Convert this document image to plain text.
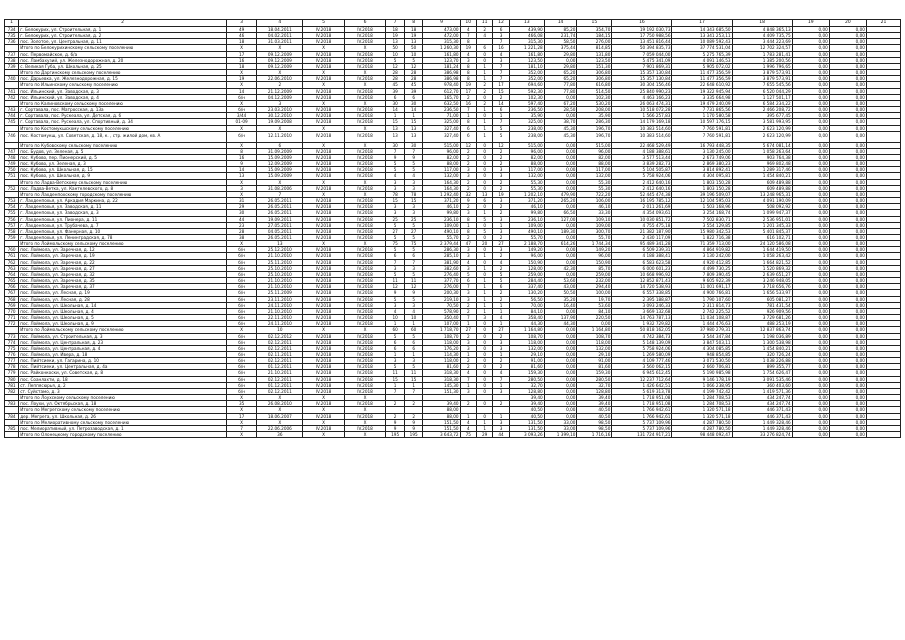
1	2	3	4	5	6	7	8	9	10	11	12	13	14	15	16	17	18	19	20	21
734	г. Белокурих, ул. Строительная, д. 1	49	18.04.2011	IV.2018	IV.2018	18	18	473,00	4	2	6	439,90	85,20	354,70	19 192 030,73	14 343 685,50	4 848 365,13	0,00	0,00	
735	г. Белокурих, ул. Строительная, д. 2	46	04.02.2011	IV.2018	IV.2018	19	19	472,00	7	4	3	466,08	231,74	184,15	17 750 988,56	13 341 253,11	4 409 735,75	0,00	0,00	
736	пос. Золотое, ул. Центральная, д. 11	18	31.03.2011	IV.2018	IV.2018	13	13	315,30	8		7	315,30	58,50	276,00	13 451 816,44	10 089 592,43	3 444 223,69	0,00	0,00	
	Итого по Белокурихинскому сельскому поселению	X	X	X	X	50	50	1 260,30	19	6	16	1 221,28	375,44	814,85	50 394 835,73	37 774 531,04	12 702 324,57	0,00	0,00	
737	пос. Первомайское, д. 6/а	17	09.12.2009	IV.2018	IV.2018	10	10	161,80	4	0	4	161,80	29,80	131,80	7 059 044,00	5 275 765,39	1 783 281,41	0,00	0,00	
738	пос. Ламбахузий, ул. Железнодорожная, д. 20	16	09.12.2009	IV.2018	IV.2018	5	5	123,70	3	0	3	123,50	0,00	123,50	5 475 341,09	4 091 146,53	1 385 200,56	0,00	0,00	
739	с. Великая Губа, ул. Школьная, д. 25	18	09.12.2009	IV.2018	IV.2018	12	12	181,24	8	1	7	181,10	29,80	151,30	7 901 869,31	5 905 072,02	1 996 796,65	0,00	0,00	
	Итого по Даргинскому сельскому поселению	X	X	X	X	28	28	386,98	8	1	7	352,00	65,20	306,80	15 357 130,84	11 477 356,59	3 879 573,91	0,00	0,00	
740	пос. Дарьевка, ул. Железнодорожная, д. 15	19	22.06.2010	IV.2018	IV.2018	28	28	386,98	8	1	7	352,00	65,20	306,80	15 357 130,84	11 477 356,59	3 879 573,91	0,00	0,00	
	Итого по Ильинскому сельскому поселению	X	2	X	X	45	45	978,40	19	2	17	694,60	77,80	616,80	30 304 156,46	22 648 610,92	7 655 545,56	0,00	0,00	
741	пос. Ильинский, ул. Заводская, д. 3	14	21.12.2009	IV.2018	IV.2018	39	39	612,70	17	2	15	592,30	77,80	514,50	25 840 990,23	19 322 945,94	6 520 044,29	0,00	0,00	
742	пос. Ильинский, ул. Заводская, д. 4	б/н	04.12.2009	IV.2018	IV.2018	6	6	165,70	2	0	2	102,30	0,00	102,30	4 463 166,23	3 335 664,98	1 127 501,17	0,00	0,00	
	Итого по Калиновскому сельскому поселению	X	3	X	X	30	30	632,50	16	2	14	597,40	67,20	530,20	26 063 474,31	19 479 240,09	6 584 234,22	0,00	0,00	
743	г. Сортавала, пос. Матросская, д. 13а	б/н	23.03.2010	IV.2018	IV.2018	14	14	236,50	7	1	6	236,50	28,50	208,00	10 518 072,28	7 731 865,56	2 466 208,72	0,00	0,00	
744	г. Сортавала, пос. Рускеала, ул. Детская, д. 6	3/44	30.12.2010	IV.2018	IV.2018	1	1	71,00	1	0	1	35,90	0,00	35,90	1 566 257,83	1 170 580,58	395 677,45	0,00	0,00	
745	г. Сортавала, пос. Рускеала, ул. Спортивный, д. 34	01-09	19.09.2008	IV.2018	IV.2018	15	15	325,00	8	1	7	325,00	38,70	286,30	14 179 169,18	10 597 176,15	3 581 993,95	0,00	0,00	
	Итого по Костомукшскому сельскому поселению	X	X	X	X	13	13	327,40	6	1	5	238,00	45,30	196,70	10 383 514,60	7 760 591,81	2 623 120,99	0,00	0,00	
746	пос. Костомукш, ул. Советская, д. 18, к. , стр. жилой дом, кв. А	б/н	12.11.2010	IV.2018	IV.2018	13	13	327,40	6	1	5	238,00	45,30	196,70	10 383 514,60	7 760 591,81	2 623 120,99	0,00	0,00	
	Итого по Кубовскому сельскому поселению	X	6	X	X	30	30	515,00	12	0	12	515,00	0,00	515,00	22 468 529,49	16 793 448,35	5 674 081,14	0,00	0,00	
747	пос. Будов, ул. Зеленая, д. 5	8	31.09.2009	IV.2018	IV.2018	7	7	96,00	2	0	2	96,00	0,00	96,00	4 188 388,61	3 130 245,00	1 058 263,64	0,00	0,00	
748	пос. Кубово, пер. Пионерский, д. 5	16	15.09.2009	IV.2018	IV.2018	9	9	82,00	2	0	2	82,00	0,00	82,00	3 577 513,44	2 673 749,06	903 764,38	0,00	0,00	
749	пос. Кубово, ул. Зеленая, д. 3	9	12.09.2009	IV.2018	IV.2018	5	5	88,00	2	0	2	88,00	0,00	88,00	3 839 282,73	2 869 380,23	969 802,48	0,00	0,00	
750	пос. Кубово, ул. Школьная, д. 15	14	15.09.2009	IV.2018	IV.2018	5	5	117,00	3	0	3	117,00	0,00	117,00	5 104 505,87	3 814 892,41	1 289 317,46	0,00	0,00	
751	пос. Кубово, ул. Школьная, д. 9	13	15.09.2009	IV.2018	IV.2018	4	4	132,00	3	0	3	132,00	0,00	132,00	5 758 924,06	4 304 095,81	1 454 840,21	0,00	0,00	
	Итого по Ладва-Ветскому сельскому поселению	X	X	X	X	3	3	164,30	2	0	2	55,30	0,00	55,30	2 412 640,16	1 803 150,28	609 489,88	0,00	0,00	
752	пос. Ладва-Ветка, ул. Кантелевского, д. 8	3	31.08.2006	IV.2018	IV.2018	3	3	164,30	2	0	2	55,30	0,00	55,30	2 412 640,16	1 803 150,28	609 489,88	0,00	0,00	
	Итого по Лахденпохскому городскому поселению	X	7	X	X	78	78	1 292,40	32	13	19	1 202,10	479,90	722,20	52 445 474,38	39 196 509,07	13 248 965,31	0,00	0,00	
753	г. Лахденпохья, ул. Аркадия Маркина, д. 22	31	26.05.2011	IV.2018	IV.2018	15	15	371,20	9	6	3	371,20	265,20	106,00	16 195 785,12	12 104 595,03	4 091 190,09	0,00	0,00	
754	г. Лахденпохья, ул. Заводская, д. 11	29	26.05.2011	IV.2018	IV.2018	3	3	46,10	2	0	2	46,10	0,00	46,10	2 011 261,69	1 503 168,96	508 092,92	0,00	0,00	
755	г. Лахденпохья, ул. Заводская, д. 3	30	26.05.2011	IV.2018	IV.2018	3	3	99,80	3	1	2	99,80	66,50	33,30	4 354 093,61	3 254 168,74	1 099 947,37	0,00	0,00	
756	г. Лахденпохья, ул. Пионера, д. 11	44	19.09.2011	IV.2018	IV.2018	25	25	236,10	8	5	3	236,10	127,00	109,10	10 030 851,72	7 502 830,71	2 536 951,01	0,00	0,00	
757	г. Лахденпохья, ул. Трубачева, д. 7	23	27.05.2011	IV.2018	IV.2018	5	5	109,00	1	0	1	109,00	0,00	109,00	4 755 475,18	3 554 129,85	1 201 345,33	0,00	0,00	
758	г. Лахденпохья, ул. Фанерная, д. 10	28	04.05.2011	IV.2018	IV.2018	27	27	490,10	8	5	3	490,10	189,30	300,70	21 382 187,90	15 980 342,53	5 401 845,37	0,00	0,00	
759	г. Лахденпохья, ул. Ленинградская, д. 78	38	26.05.2011	IV.2018	IV.2018	5	5	55,70	2	0	2	55,70	0,00	55,70	2 430 117,09	1 822 716,38	616 102,71	0,00	0,00	
	Итого по Лоймольскому сельскому поселению	X	13	X	X	75	75	2 379,44	47	20	27	2 188,70	614,26	1 744,34	95 489 341,28	71 359 713,00	24 120 586,08	0,00	0,00	
760	пос. Лоймола, ул. Заречная, д. 12	б/н	25.12.2010	IV.2018	IV.2018	5	5	286,30	3	0	3	149,20	0,00	149,20	6 509 239,31	4 864 919,82	1 644 419,50	0,00	0,00	
761	пос. Лоймола, ул. Заречная, д. 19	б/н	21.10.2010	IV.2018	IV.2018	6	6	285,10	3	1	2	96,00	0,00	96,00	4 188 388,41	3 130 242,00	1 058 263,42	0,00	0,00	
762	пос. Лоймола, ул. Заречная, д. 22	б/н	25.11.2010	IV.2018	IV.2018	7	7	381,90	4	0	4	150,90	0,00	150,90	6 583 623,58	4 920 412,85	1 664 821,52	0,00	0,00	
763	пос. Лоймола, ул. Заречная, д. 27	б/н	25.10.2010	IV.2018	IV.2018	3	3	382,60	3	1	2	128,00	42,30	85,70	6 000 601,23	4 499 730,25	1 520 869,32	0,00	0,00	
764	пос. Лоймола, ул. Заречная, д. 32	б/н	25.10.2010	IV.2018	IV.2018	5	5	276,40	5	0	5	259,00	0,00	259,00	10 668 996,92	7 809 390,45	2 639 651,27	0,00	0,00	
765	пос. Лоймола, ул. Заречная, д. 35	б/н	21.10.2010	IV.2018	IV.2018	11	11	377,70	6	1	5	284,40	53,60	232,00	12 852 871,43	9 605 922,39	3 246 948,05	0,00	0,00	
766	пос. Лоймола, ул. Заречная, д. 37	б/н	21.10.2010	IV.2018	IV.2018	12	12	276,00	7	1	6	337,40	43,00	294,40	14 720 538,93	11 001 691,17	3 718 656,76	0,00	0,00	
767	пос. Лоймола, ул. Лесная, д. 19	б/н	25.11.2009	IV.2018	IV.2018	9	9	200,30	3	1	2	130,20	50,50	100,00	6 557 338,85	4 900 766,81	1 656 533,97	0,00	0,00	
768	пос. Лоймола, ул. Лесная, д. 28	б/н	23.11.2010	IV.2018	IV.2018	5	5	219,10	3	1	2	56,50	35,20	19,70	2 395 188,87	1 790 107,60	605 081,27	0,00	0,00	
769	пос. Лоймола, ул. Школьная, д. 14	б/н	24.11.2010	IV.2018	IV.2018	3	3	70,50	2	1	1	70,00	16,40	53,60	3 093 246,33	2 311 814,73	781 431,54	0,00	0,00	
770	пос. Лоймола, ул. Школьная, д. 4	б/н	21.10.2010	IV.2018	IV.2018	4	4	578,90	2	1	1	84,10	0,00	84,10	3 669 132,68	2 742 225,52	926 909,56	0,00	0,00	
771	пос. Лоймола, ул. Школьная, д. 5	б/н	22.11.2010	IV.2018	IV.2018	10	10	350,40	7	3	4	358,40	137,90	220,50	14 763 787,13	11 034 108,87	3 729 681,26	0,00	0,00	
772	пос. Лоймола, ул. Школьная, д. 9	б/н	24.11.2010	IV.2018	IV.2018	1	1	107,00	1	0	1	44,30	44,30	0,00	1 932 729,82	1 444 476,63	488 253,19	0,00	0,00	
	Итого по Лоймольскому сельскому поселению	X	10	X	X	60	60	1 718,70	27	0	27	1 164,80	0,00	1 164,80	50 818 162,05	37 980 279,31	12 837 863,74	0,00	0,00	
773	пос. Лоймола, ул. Строительная, д. 3	б/н	02.12.2012	IV.2018	IV.2018	5	5	108,70	2	0	2	108,70	0,00	108,70	4 742 384,73	3 544 347,84	1 198 036,89	0,00	0,00	
774	пос. Лоймола, ул. Центральная, д. 23	б/н	02.12.2011	IV.2018	IV.2018	6	6	118,00	3	0	3	118,00	0,00	118,00	5 148 139,09	3 847 503,11	1 300 538,98	0,00	0,00	
775	пос. Лоймола, ул. Центральная, д. 4	б/н	02.12.2011	IV.2018	IV.2018	6	6	176,20	3	0	3	132,00	0,00	132,00	5 758 924,06	4 304 085,85	1 454 840,21	0,00	0,00	
776	пос. Лоймола, ул. Ивера, д. 18	б/н	02.11.2011	IV.2018	IV.2018	1	1	114,30	1	0	1	29,10	0,00	29,10	1 269 580,09	948 854,85	320 726,24	0,00	0,00	
777	пос. Пийтсиеки, ул. Гагарина, д. 10	б/н	02.12.2011	IV.2018	IV.2018	3	3	118,00	2	0	2	91,00	0,00	91,00	4 109 777,46	3 071 530,50	1 038 226,88	0,00	0,00	
778	пос. Пийтсиеки, ул. Центральная, д. 4а	б/н	01.12.2011	IV.2018	IV.2018	5	5	81,60	2	0	2	81,60	0,00	81,60	3 560 062,15	2 660 706,81	899 355,77	0,00	0,00	
779	пос. Райконкоски, ул. Советская, д. 8	б/н	21.10.2011	IV.2018	IV.2018	11	11	318,30	4	0	4	159,30	0,00	159,30	6 945 612,45	5 190 985,98	1 754 626,47	0,00	0,00	
780	пос. Соанлахти, д. 18	б/н	02.12.2011	IV.2018	IV.2018	15	15	318,30	7	0	7	280,50	0,00	280,50	12 237 712,64	9 146 178,19	3 091 535,46	0,00	0,00	
781	ст. Леппясюрья, д. 2	б/н	01.12.2011	IV.2018	IV.2018	1	1	145,30	1	0	1	32,70	0,00	32,70	1 426 642,51	1 066 238,95	360 403,60	0,00	0,00	
782	ст. Суйстамо, д. 3	б/н	02.12.2011	IV.2018	IV.2018	7	7	151,30	3	0	3	128,80	0,00	128,80	5 619 313,78	4 199 742,42	1 419 571,36	0,00	0,00	
	Итого по Лоухскому сельскому поселению	X	X	X	X							39,40	0,00	39,40	1 718 951,08	1 284 708,53	434 247,74	0,00	0,00	
783	пос. Лоухи, ул. Октябрьская, д. 18	35	26.08.2010	IV.2018	IV.2018	2	2	39,40	2	0	2	39,40	0,00	39,40	1 718 951,08	1 284 708,53	434 247,74	0,00	0,00	
	Итого по Мегрегскому сельскому поселению	X	X	X	X			88,00				40,50	0,00	40,50	1 766 942,61	1 320 571,18	446 371,43	0,00	0,00	
784	дер. Мегрега, ул. Школьная, д. 26	17	18.06.2007	IV.2018	IV.2018	2	2	88,00	1	0	1	40,50	0,00	40,50	1 766 942,61	1 320 571,18	446 371,43	0,00	0,00	
	Итого по Мелиоративному сельскому поселению	X	X	X	X	9	9	151,50	4	1	3	131,50	33,00	98,50	5 737 109,96	4 287 780,50	1 449 328,46	0,00	0,00	
785	пос. Мелиоративный, ул. Петрозаводская, д. 1	7	22.06.2006	IV.2018	IV.2018	9	9	151,50	4	1	3	131,50	33,00	98,50	5 737 109,96	4 287 780,50	1 449 328,46	0,00	0,00	
	Итого по Олонецкому городскому поселению	X	36	X	X	195	195	3 643,72	75	29	44	3 093,26	1 399,10	1 716,16	131 724 917,21	98 448 092,47	33 276 824,74	0,00	0,00	
